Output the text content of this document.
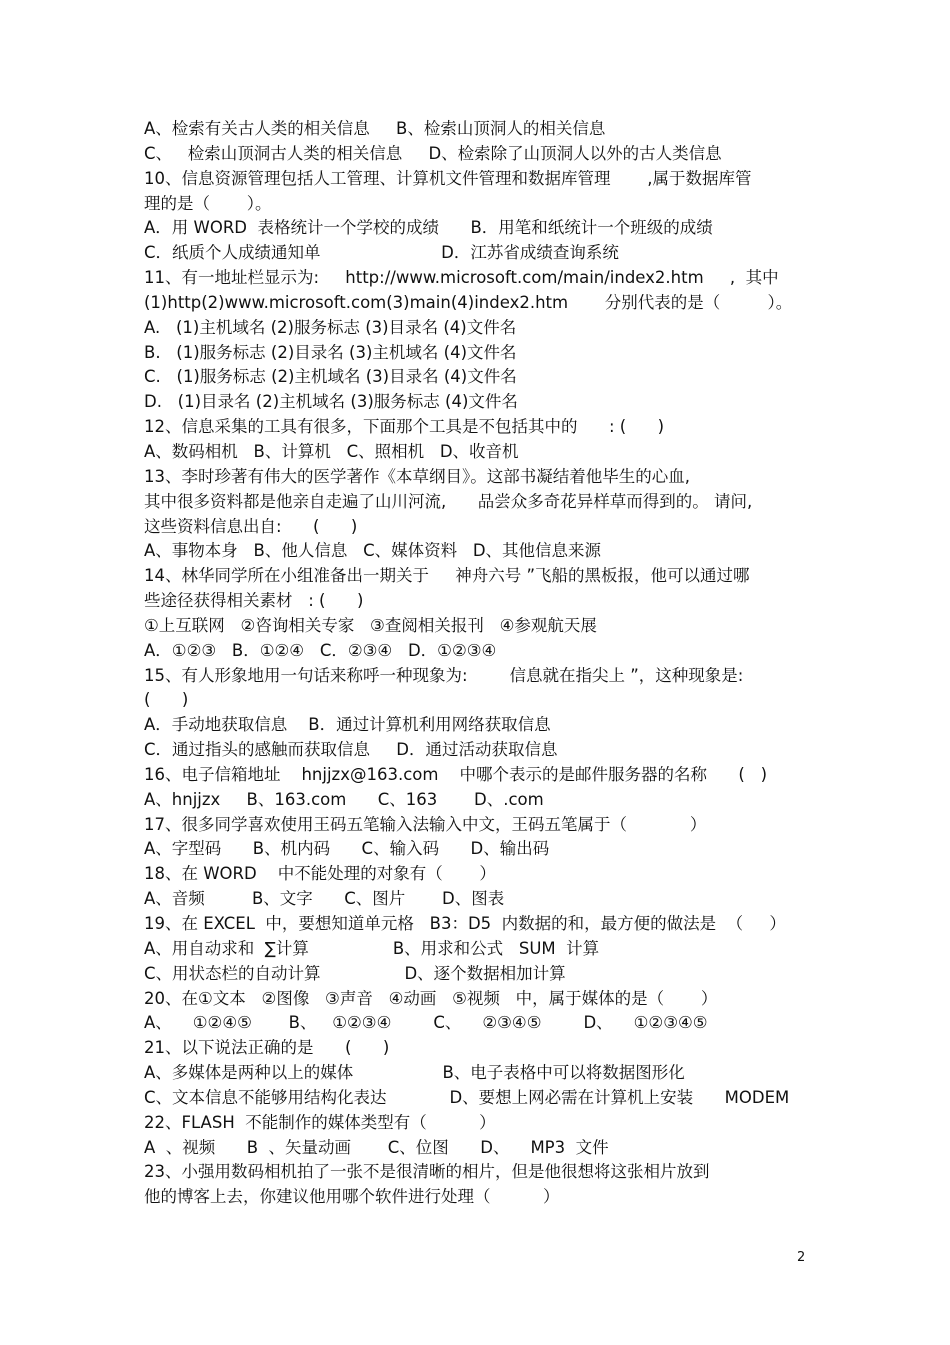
A、检索有关古人类的相关信息     B、检索山顶洞人的相关信息
C、   检索山顶洞古人类的相关信息     D、检索除了山顶洞人以外的古人类信息
10、信息资源管理包括人工管理、计算机文件管理和数据库管理       ,属于数据库管
理的是（       ）。
A．用 WORD  表格统计一个学校的成绩      B．用笔和纸统计一个班级的成绩
C．纸质个人成绩通知单                       D．江苏省成绩查询系统
11、有一地址栏显示为:     http://www.microsoft.com/main/index2.htm     ,  其中
(1)http(2)www.microsoft.com(3)main(4)index2.htm       分别代表的是（         ）。
A.   (1)主机域名 (2)服务标志 (3)目录名 (4)文件名
B.   (1)服务标志 (2)目录名 (3)主机域名 (4)文件名
C.   (1)服务标志 (2)主机域名 (3)目录名 (4)文件名
D.   (1)目录名 (2)主机域名 (3)服务标志 (4)文件名
12、信息采集的工具有很多，下面那个工具是不包括其中的      : (      )
A、数码相机   B、计算机   C、照相机   D、收音机
13、李时珍著有伟大的医学著作《本草纲目》。这部书凝结着他毕生的心血,
其中很多资料都是他亲自走遍了山川河流,      品尝众多奇花异样草而得到的。 请问,
这些资料信息出自:      (      )
A、事物本身   B、他人信息   C、媒体资料   D、其他信息来源
14、林华同学所在小组准备出一期关于     神舟六号 ”飞船的黑板报，他可以通过哪
些途径获得相关素材   : (      )
①上互联网   ②咨询相关专家   ③查阅相关报刊   ④参观航天展
A．①②③   B．①②④   C．②③④   D．①②③④
15、有人形象地用一句话来称呼一种现象为:        信息就在指尖上 ”，这种现象是:
(      )
A．手动地获取信息    B．通过计算机利用网络获取信息
C．通过指头的感触而获取信息     D．通过活动获取信息
16、电子信箱地址    hnjjzx@163.com    中哪个表示的是邮件服务器的名称      (   )
A、hnjjzx     B、163.com      C、163       D、.com
17、很多同学喜欢使用王码五笔输入法输入中文，王码五笔属于（            ）
A、字型码      B、机内码      C、输入码      D、输出码
18、在 WORD    中不能处理的对象有（       ）
A、音频         B、文字      C、图片       D、图表
19、在 EXCEL  中，要想知道单元格   B3：D5  内数据的和，最方便的做法是  （     ）
A、用自动求和  ∑计算                B、用求和公式   SUM  计算
C、用状态栏的自动计算                D、逐个数据相加计算
20、在①文本   ②图像   ③声音   ④动画   ⑤视频   中，属于媒体的是（       ）
A、    ①②④⑤       B、   ①②③④        C、    ②③④⑤        D、    ①②③④⑤
21、以下说法正确的是      (      )
A、多媒体是两种以上的媒体                 B、电子表格中可以将数据图形化
C、文本信息不能够用结构化表达            D、要想上网必需在计算机上安装      MODEM
22、FLASH  不能制作的媒体类型有（          ）
A  、视频      B  、矢量动画       C、位图      D、    MP3  文件
23、小强用数码相机拍了一张不是很清晰的相片，但是他很想将这张相片放到
他的博客上去，你建议他用哪个软件进行处理（          ）
2
